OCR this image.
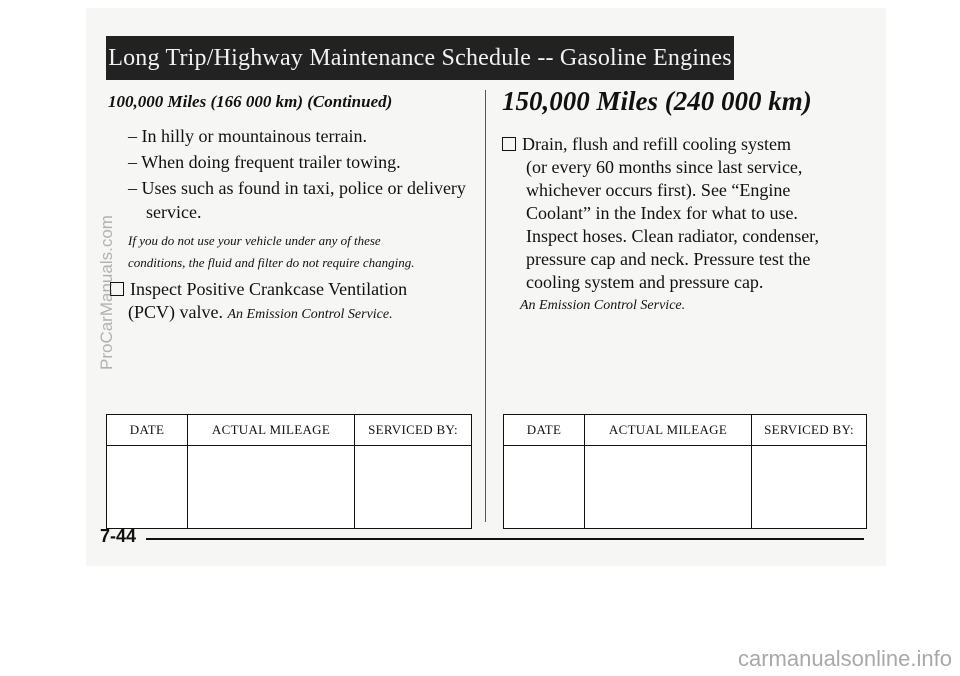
Long Trip/Highway Maintenance Schedule -- Gasoline Engines

100,000 Miles (166 000 km) (Continued)

– In hilly or mountainous terrain.
– When doing frequent trailer towing.
– Uses such as found in taxi, police or delivery service.

If you do not use your vehicle under any of these
conditions, the fluid and filter do not require changing.

Inspect Positive Crankcase Ventilation
(PCV) valve. An Emission Control Service.

150,000 Miles (240 000 km)

Drain, flush and refill cooling system
(or every 60 months since last service,
whichever occurs first). See “Engine
Coolant” in the Index for what to use.
Inspect hoses. Clean radiator, condenser,
pressure cap and neck. Pressure test the
cooling system and pressure cap.

An Emission Control Service.

DATE	ACTUAL MILEAGE	SERVICED BY:
			DATE	ACTUAL MILEAGE	SERVICED BY:

7-44
ProCarManuals.com
carmanualsonline.info
